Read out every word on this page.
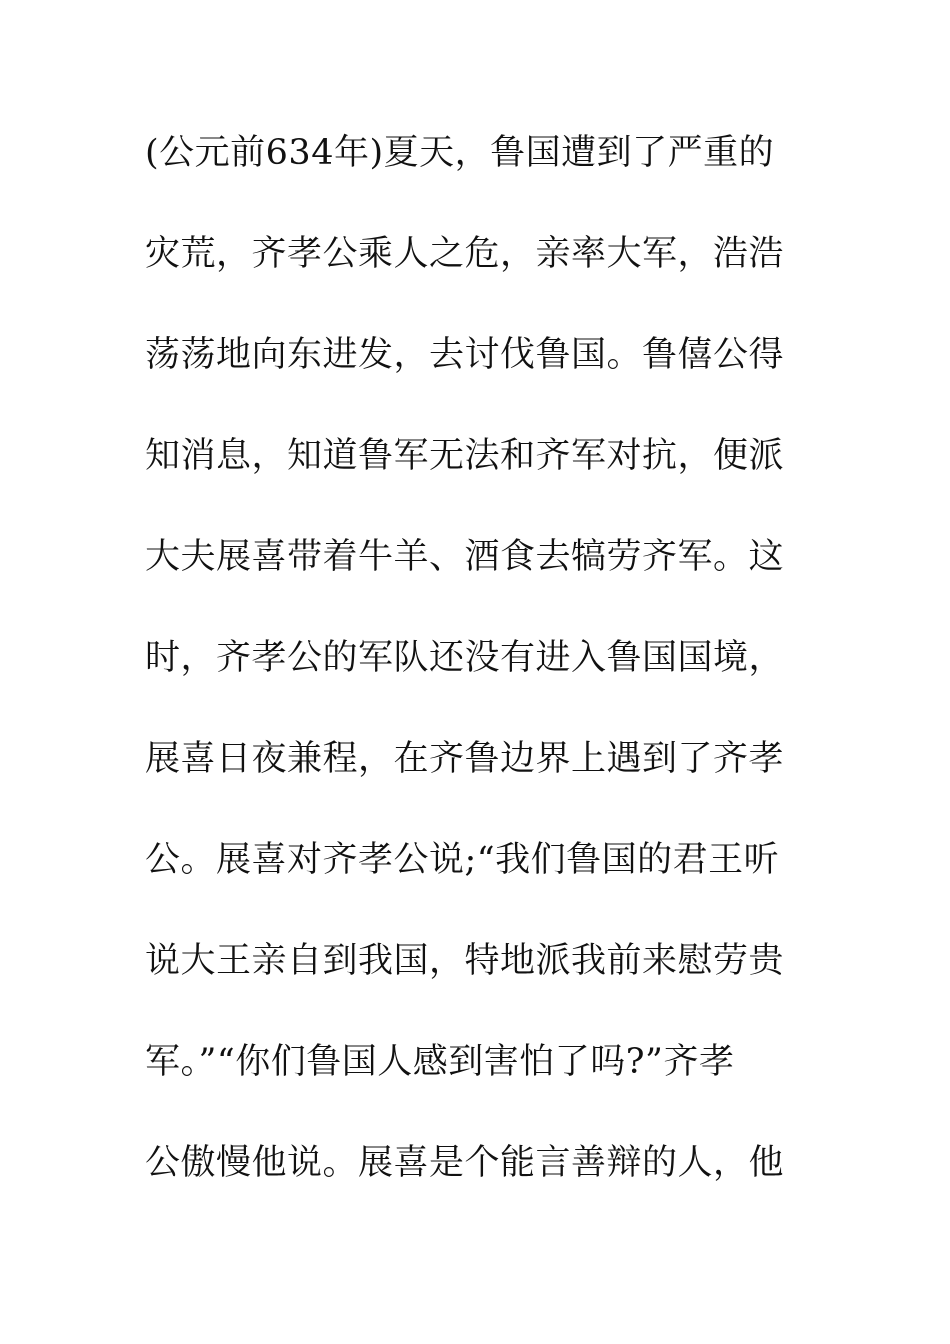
(公元前634年)夏天，鲁国遭到了严重的
灾荒，齐孝公乘人之危，亲率大军，浩浩
荡荡地向东进发，去讨伐鲁国。鲁僖公得
知消息，知道鲁军无法和齐军对抗，便派
大夫展喜带着牛羊、酒食去犒劳齐军。这
时，齐孝公的军队还没有进入鲁国国境，
展喜日夜兼程，在齐鲁边界上遇到了齐孝
公。展喜对齐孝公说;“我们鲁国的君王听
说大王亲自到我国，特地派我前来慰劳贵
军。”“你们鲁国人感到害怕了吗?”齐孝
公傲慢他说。展喜是个能言善辩的人，他
